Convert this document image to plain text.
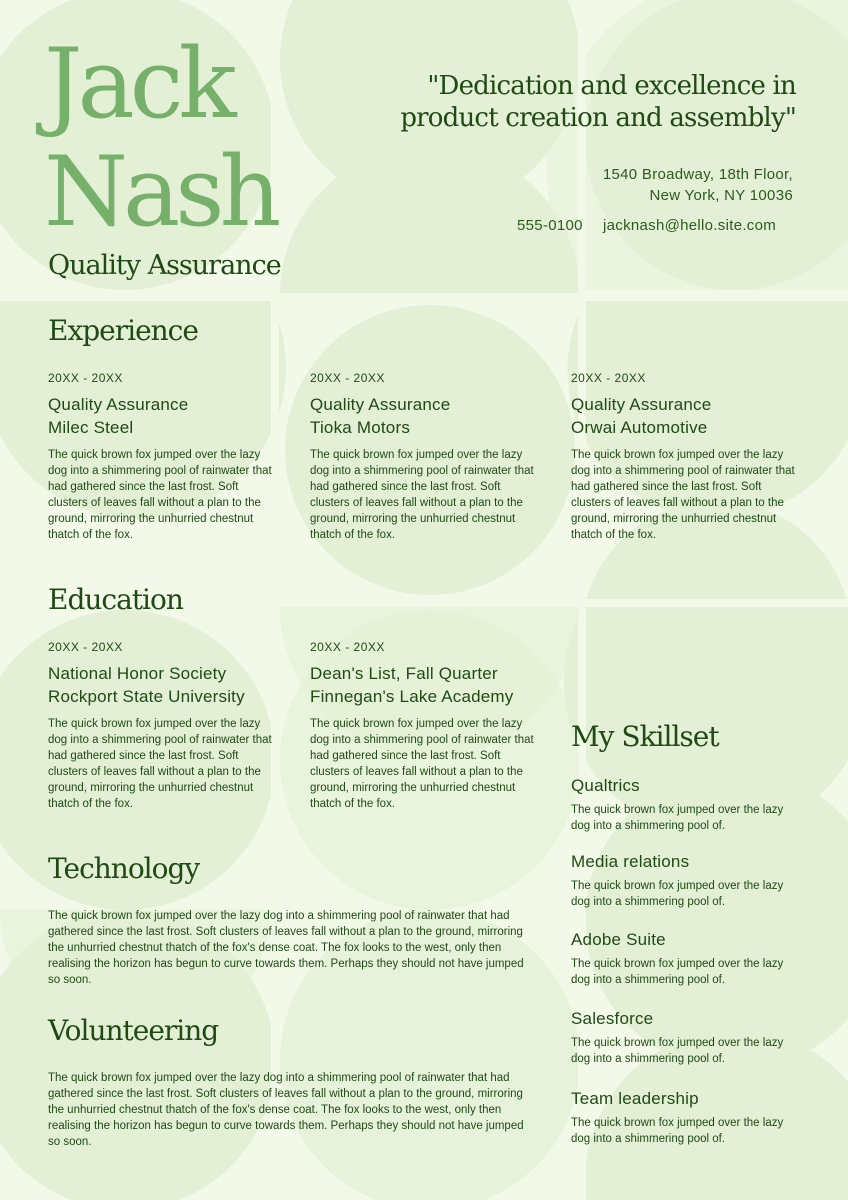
Jack
Nash
Quality Assurance
"Dedication and excellence in product creation and assembly"
1540 Broadway, 18th Floor,
New York, NY 10036
555-0100 jacknash@hello.site.com
Experience
20XX - 20XX
Quality Assurance
Milec Steel
The quick brown fox jumped over the lazy dog into a shimmering pool of rainwater that had gathered since the last frost. Soft clusters of leaves fall without a plan to the ground, mirroring the unhurried chestnut thatch of the fox.
20XX - 20XX
Quality Assurance
Tioka Motors
The quick brown fox jumped over the lazy dog into a shimmering pool of rainwater that had gathered since the last frost. Soft clusters of leaves fall without a plan to the ground, mirroring the unhurried chestnut thatch of the fox.
20XX - 20XX
Quality Assurance
Orwai Automotive
The quick brown fox jumped over the lazy dog into a shimmering pool of rainwater that had gathered since the last frost. Soft clusters of leaves fall without a plan to the ground, mirroring the unhurried chestnut thatch of the fox.
Education
20XX - 20XX
National Honor Society
Rockport State University
The quick brown fox jumped over the lazy dog into a shimmering pool of rainwater that had gathered since the last frost. Soft clusters of leaves fall without a plan to the ground, mirroring the unhurried chestnut thatch of the fox.
20XX - 20XX
Dean's List, Fall Quarter
Finnegan's Lake Academy
The quick brown fox jumped over the lazy dog into a shimmering pool of rainwater that had gathered since the last frost. Soft clusters of leaves fall without a plan to the ground, mirroring the unhurried chestnut thatch of the fox.
Technology
The quick brown fox jumped over the lazy dog into a shimmering pool of rainwater that had gathered since the last frost. Soft clusters of leaves fall without a plan to the ground, mirroring the unhurried chestnut thatch of the fox's dense coat. The fox looks to the west, only then realising the horizon has begun to curve towards them. Perhaps they should not have jumped so soon.
Volunteering
The quick brown fox jumped over the lazy dog into a shimmering pool of rainwater that had gathered since the last frost. Soft clusters of leaves fall without a plan to the ground, mirroring the unhurried chestnut thatch of the fox's dense coat. The fox looks to the west, only then realising the horizon has begun to curve towards them. Perhaps they should not have jumped so soon.
My Skillset
Qualtrics
The quick brown fox jumped over the lazy dog into a shimmering pool of.
Media relations
The quick brown fox jumped over the lazy dog into a shimmering pool of.
Adobe Suite
The quick brown fox jumped over the lazy dog into a shimmering pool of.
Salesforce
The quick brown fox jumped over the lazy dog into a shimmering pool of.
Team leadership
The quick brown fox jumped over the lazy dog into a shimmering pool of.
